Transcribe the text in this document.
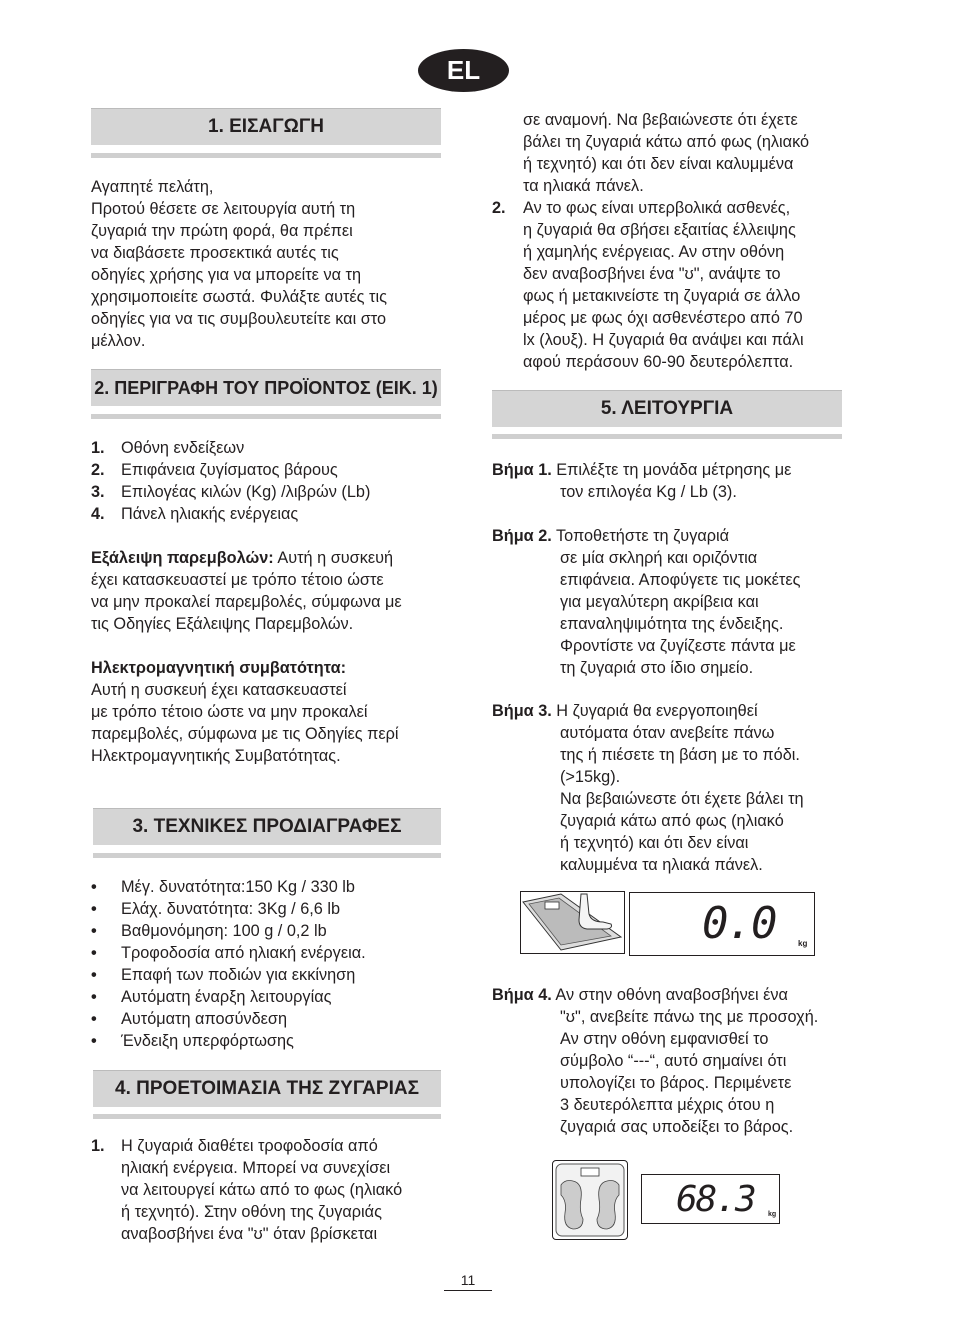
EL
1. ΕΙΣΑΓΩΓΗ
Αγαπητέ πελάτη,
Προτού θέσετε σε λειτουργία αυτή τη
ζυγαριά την πρώτη φορά, θα πρέπει
να διαβάσετε προσεκτικά αυτές τις
οδηγίες χρήσης για να μπορείτε να τη
χρησιμοποιείτε σωστά. Φυλάξτε αυτές τις
οδηγίες για να τις συμβουλευτείτε και στο
μέλλον.
2. ΠΕΡΙΓΡΑΦΗ ΤΟΥ ΠΡΟΪΟΝΤΟΣ (ΕΙΚ. 1)
1. Οθόνη ενδείξεων
2. Επιφάνεια ζυγίσματος βάρους
3. Επιλογέας κιλών (Kg) /λιβρών (Lb)
4. Πάνελ ηλιακής ενέργειας
Εξάλειψη παρεμβολών: Αυτή η συσκευή
έχει κατασκευαστεί με τρόπο τέτοιο ώστε
να μην προκαλεί παρεμβολές, σύμφωνα με
τις Οδηγίες Εξάλειψης Παρεμβολών.
Ηλεκτρομαγνητική συμβατότητα:
Αυτή η συσκευή έχει κατασκευαστεί
με τρόπο τέτοιο ώστε να μην προκαλεί
παρεμβολές, σύμφωνα με τις Οδηγίες περί
Ηλεκτρομαγνητικής Συμβατότητας.
3. ΤΕΧΝΙΚΕΣ ΠΡΟΔΙΑΓΡΑΦΕΣ
• Μέγ. δυνατότητα:150 Kg / 330 lb
• Ελάχ. δυνατότητα: 3Kg / 6,6 lb
• Βαθμονόμηση: 100 g / 0,2 lb
• Τροφοδοσία από ηλιακή ενέργεια.
• Επαφή των ποδιών για εκκίνηση
• Αυτόματη έναρξη λειτουργίας
• Αυτόματη αποσύνδεση
• Ένδειξη υπερφόρτωσης
4. ΠΡΟΕΤΟΙΜΑΣΙΑ ΤΗΣ ΖΥΓΑΡΙΑΣ
1. Η ζυγαριά διαθέτει τροφοδοσία από
ηλιακή ενέργεια. Μπορεί να συνεχίσει
να λειτουργεί κάτω από το φως (ηλιακό
ή τεχνητό). Στην οθόνη της ζυγαριάς
αναβοσβήνει ένα "ʊ" όταν βρίσκεται
σε αναμονή. Να βεβαιώνεστε ότι έχετε
βάλει τη ζυγαριά κάτω από φως (ηλιακό
ή τεχνητό) και ότι δεν είναι καλυμμένα
τα ηλιακά πάνελ.
2. Αν το φως είναι υπερβολικά ασθενές,
η ζυγαριά θα σβήσει εξαιτίας έλλειψης
ή χαμηλής ενέργειας. Αν στην οθόνη
δεν αναβοσβήνει ένα "ʊ", ανάψτε το
φως ή μετακινείστε τη ζυγαριά σε άλλο
μέρος με φως όχι ασθενέστερο από 70
lx (λουξ). Η ζυγαριά θα ανάψει και πάλι
αφού περάσουν 60-90 δευτερόλεπτα.
5. ΛΕΙΤΟΥΡΓΙΑ
Βήμα 1. Επιλέξτε τη μονάδα μέτρησης με
τον επιλογέα Kg / Lb (3).
Βήμα 2. Τοποθετήστε τη ζυγαριά
σε μία σκληρή και οριζόντια
επιφάνεια. Αποφύγετε τις μοκέτες
για μεγαλύτερη ακρίβεια και
επαναληψιμότητα της ένδειξης.
Φροντίστε να ζυγίζεστε πάντα με
τη ζυγαριά στο ίδιο σημείο.
Βήμα 3. Η ζυγαριά θα ενεργοποιηθεί
αυτόματα όταν ανεβείτε πάνω
της ή πιέσετε τη βάση με το πόδι.
(>15kg).
Να βεβαιώνεστε ότι έχετε βάλει τη
ζυγαριά κάτω από φως (ηλιακό
ή τεχνητό) και ότι δεν είναι
καλυμμένα τα ηλιακά πάνελ.
0.0	kg
Βήμα 4. Αν στην οθόνη αναβοσβήνει ένα
"ʊ", ανεβείτε πάνω της με προσοχή.
Αν στην οθόνη εμφανισθεί το
σύμβολο “---“, αυτό σημαίνει ότι
υπολογίζει το βάρος. Περιμένετε
3 δευτερόλεπτα μέχρις ότου η
ζυγαριά σας υποδείξει το βάρος.
68.3 kg
11
